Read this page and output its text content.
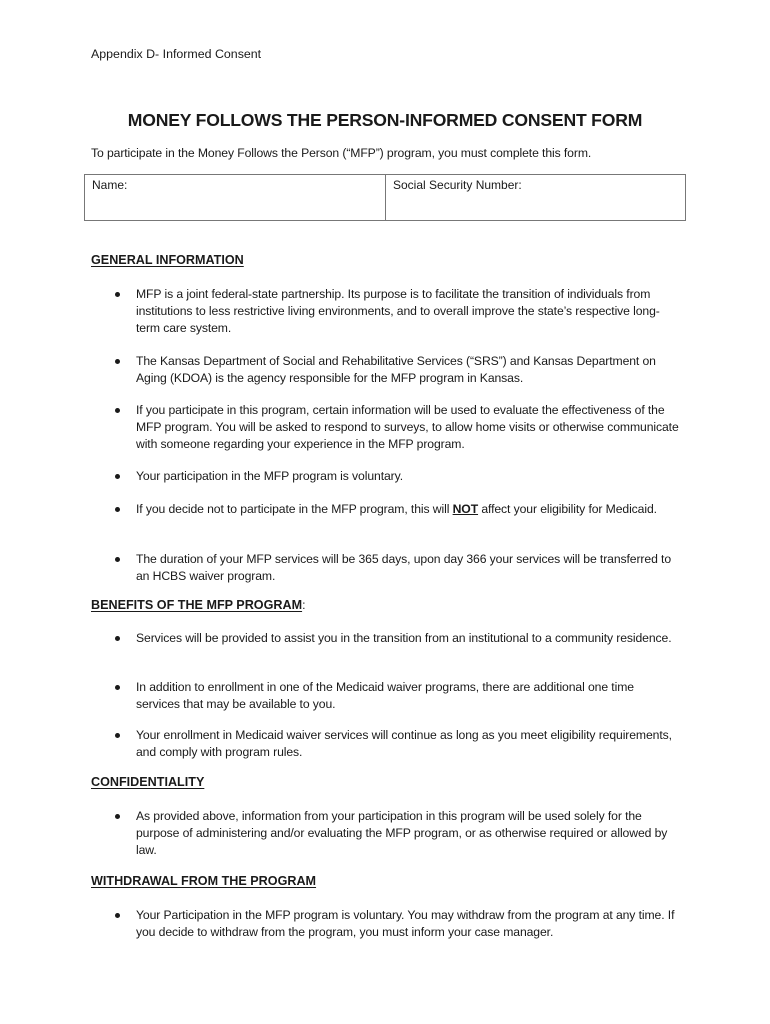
Appendix D- Informed Consent
MONEY FOLLOWS THE PERSON-INFORMED CONSENT FORM
To participate in the Money Follows the Person (“MFP”) program, you must complete this form.
Name:	Social Security Number:
GENERAL INFORMATION
MFP is a joint federal-state partnership. Its purpose is to facilitate the transition of individuals from institutions to less restrictive living environments, and to overall improve the state’s respective long-term care system.
The Kansas Department of Social and Rehabilitative Services (“SRS”) and Kansas Department on Aging (KDOA) is the agency responsible for the MFP program in Kansas.
If you participate in this program, certain information will be used to evaluate the effectiveness of the MFP program. You will be asked to respond to surveys, to allow home visits or otherwise communicate with someone regarding your experience in the MFP program.
Your participation in the MFP program is voluntary.
If you decide not to participate in the MFP program, this will NOT affect your eligibility for Medicaid.
The duration of your MFP services will be 365 days, upon day 366 your services will be transferred to an HCBS waiver program.
BENEFITS OF THE MFP PROGRAM:
Services will be provided to assist you in the transition from an institutional to a community residence.
In addition to enrollment in one of the Medicaid waiver programs, there are additional one time services that may be available to you.
Your enrollment in Medicaid waiver services will continue as long as you meet eligibility requirements, and comply with program rules.
CONFIDENTIALITY
As provided above, information from your participation in this program will be used solely for the purpose of administering and/or evaluating the MFP program, or as otherwise required or allowed by law.
WITHDRAWAL FROM THE PROGRAM
Your Participation in the MFP program is voluntary. You may withdraw from the program at any time. If you decide to withdraw from the program, you must inform your case manager.
